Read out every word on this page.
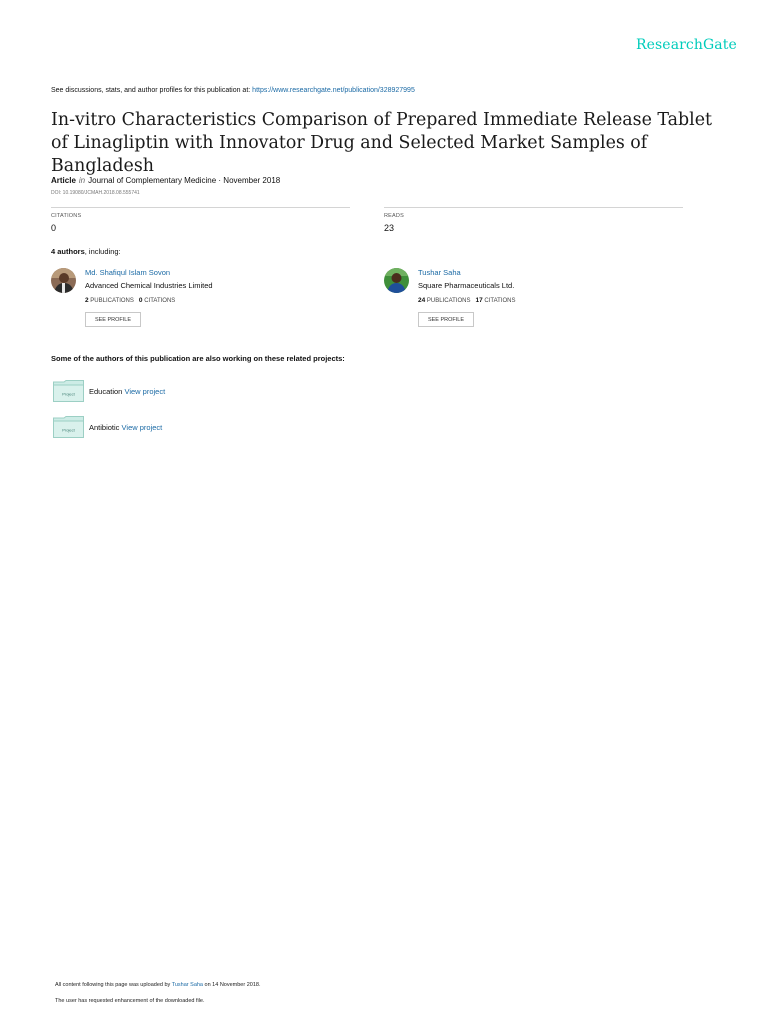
ResearchGate
See discussions, stats, and author profiles for this publication at: https://www.researchgate.net/publication/328927995
In-vitro Characteristics Comparison of Prepared Immediate Release Tablet of Linagliptin with Innovator Drug and Selected Market Samples of Bangladesh
Article in Journal of Complementary Medicine · November 2018
DOI: 10.19080/JCMAH.2018.08.555741
CITATIONS
0
READS
23
4 authors, including:
Md. Shafiqul Islam Sovon
Advanced Chemical Industries Limited
2 PUBLICATIONS 0 CITATIONS
SEE PROFILE
Tushar Saha
Square Pharmaceuticals Ltd.
24 PUBLICATIONS 17 CITATIONS
SEE PROFILE
Some of the authors of this publication are also working on these related projects:
Project Education View project
Project Antibiotic View project
All content following this page was uploaded by Tushar Saha on 14 November 2018.
The user has requested enhancement of the downloaded file.
